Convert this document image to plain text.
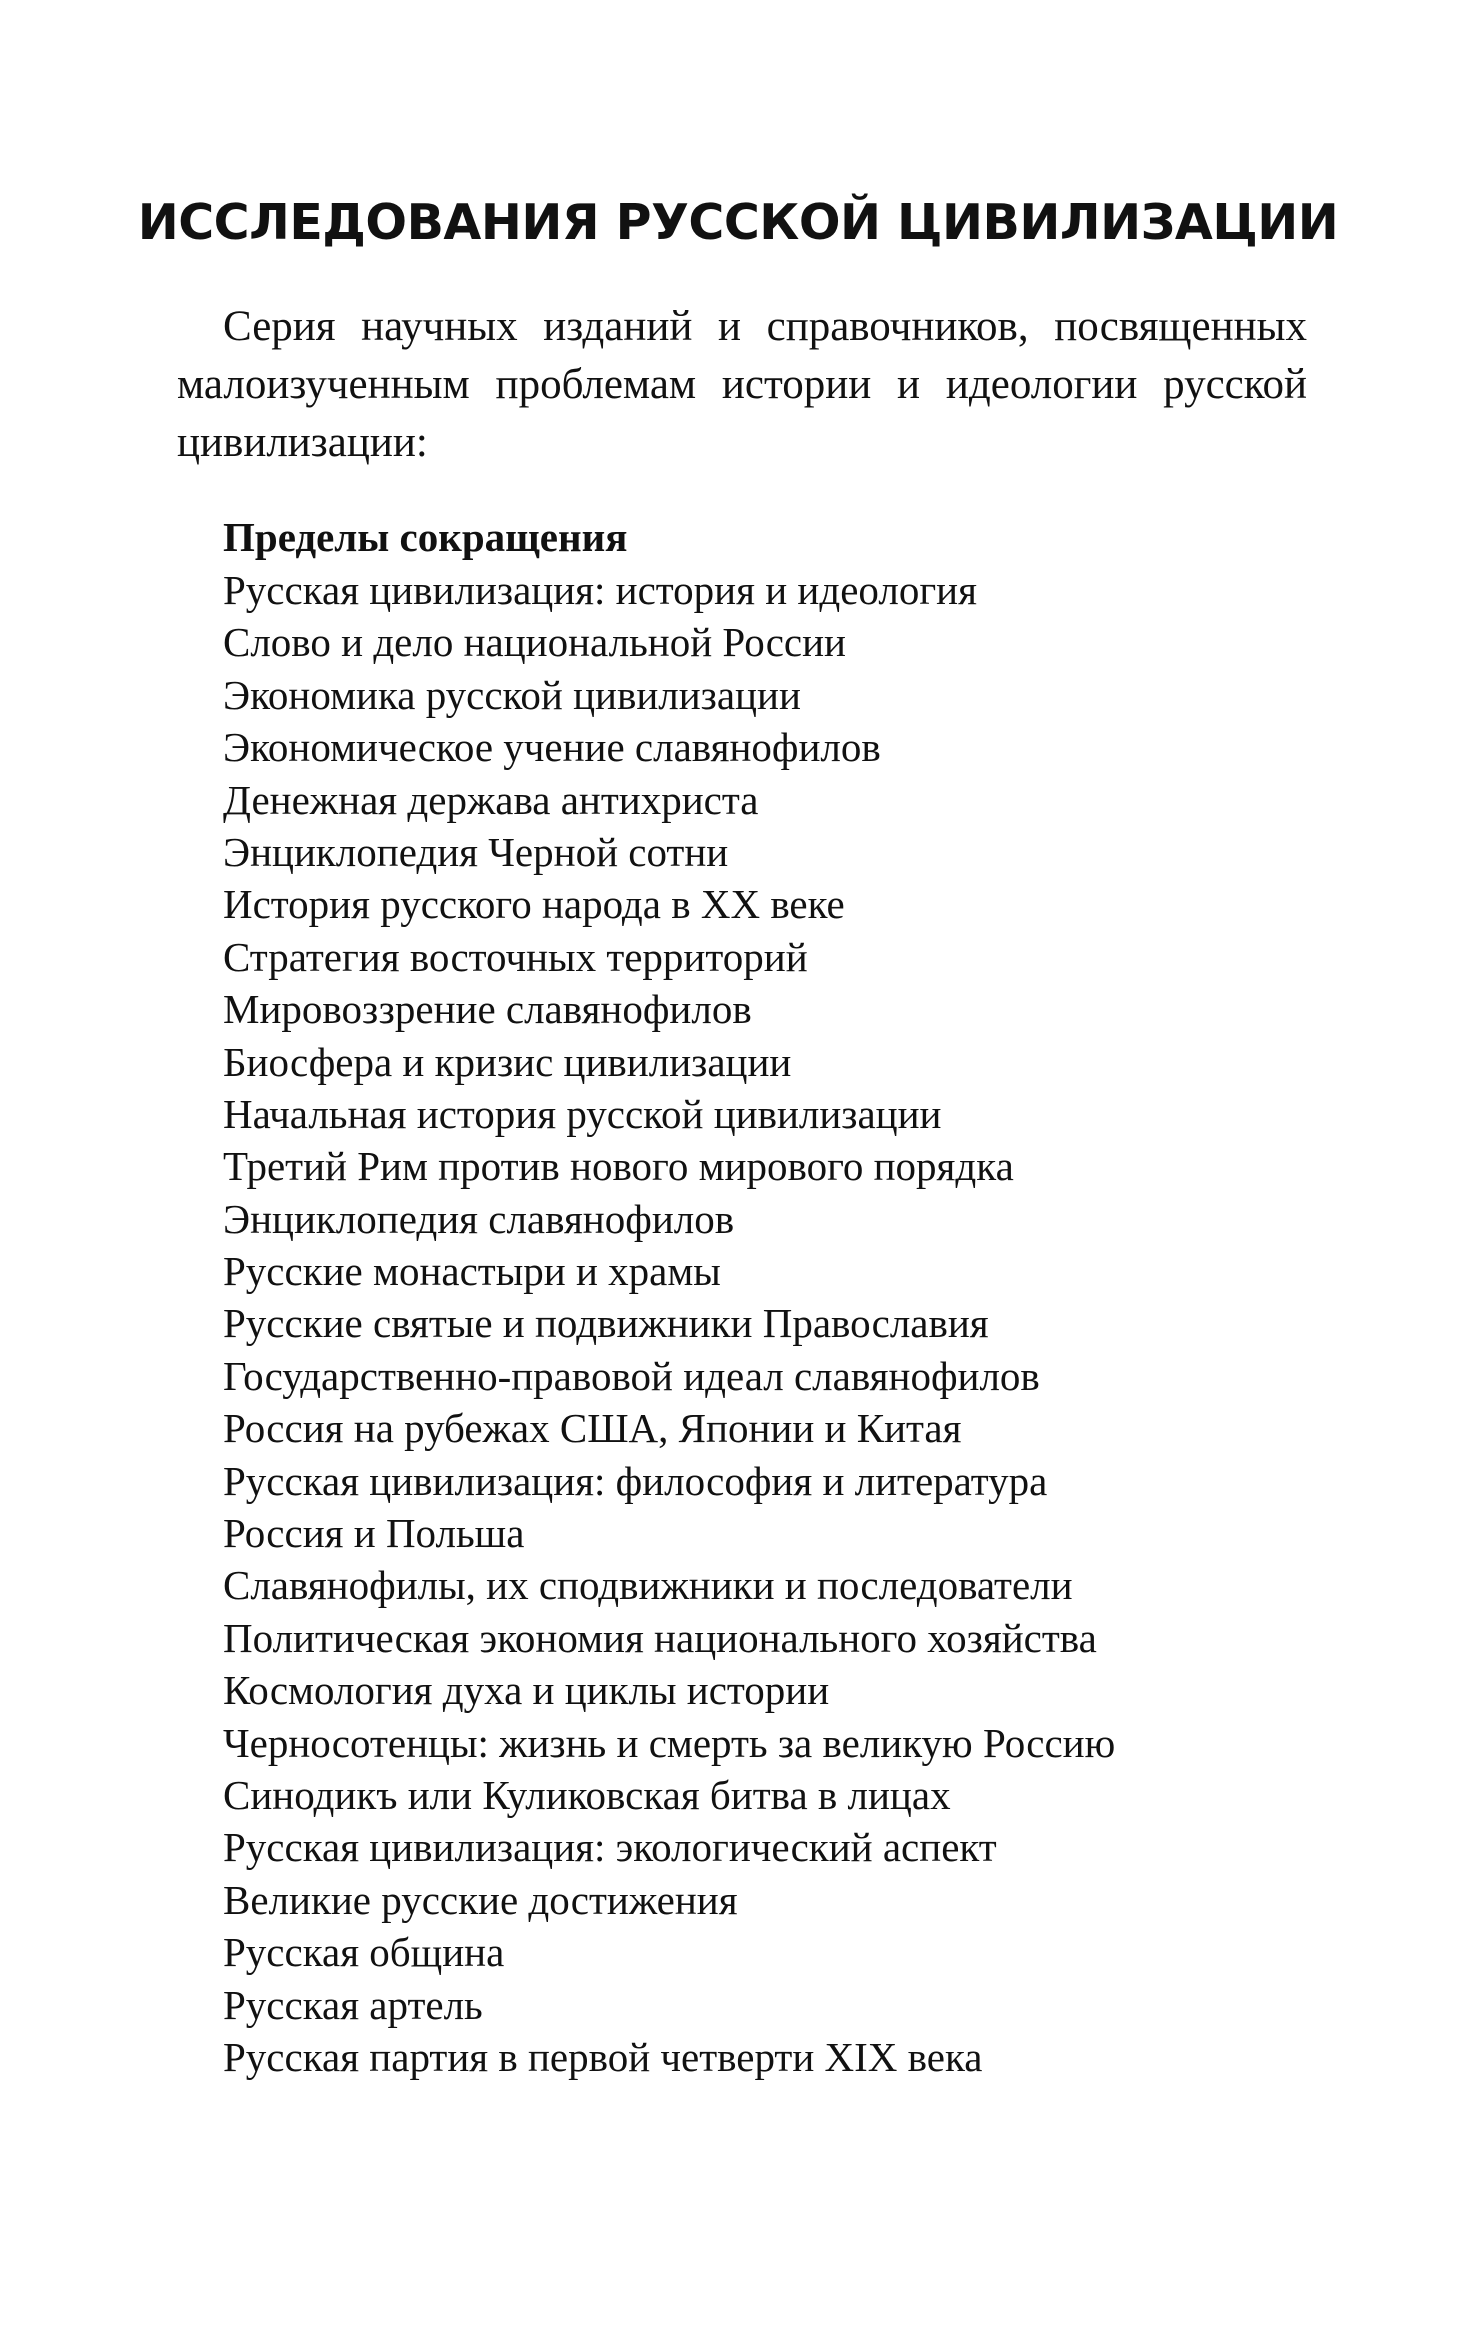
ИССЛЕДОВАНИЯ РУССКОЙ ЦИВИЛИЗАЦИИ

Серия научных изданий и справочников, посвященных малоизученным проблемам истории и идеологии русской цивилизации:

Пределы сокращения
Русская цивилизация: история и идеология
Слово и дело национальной России
Экономика русской цивилизации
Экономическое учение славянофилов
Денежная держава антихриста
Энциклопедия Черной сотни
История русского народа в XX веке
Стратегия восточных территорий
Мировоззрение славянофилов
Биосфера и кризис цивилизации
Начальная история русской цивилизации
Третий Рим против нового мирового порядка
Энциклопедия славянофилов
Русские монастыри и храмы
Русские святые и подвижники Православия
Государственно-правовой идеал славянофилов
Россия на рубежах США, Японии и Китая
Русская цивилизация: философия и литература
Россия и Польша
Славянофилы, их сподвижники и последователи
Политическая экономия национального хозяйства
Космология духа и циклы истории
Черносотенцы: жизнь и смерть за великую Россию
Синодикъ или Куликовская битва в лицах
Русская цивилизация: экологический аспект
Великие русские достижения
Русская община
Русская артель
Русская партия в первой четверти XIX века
